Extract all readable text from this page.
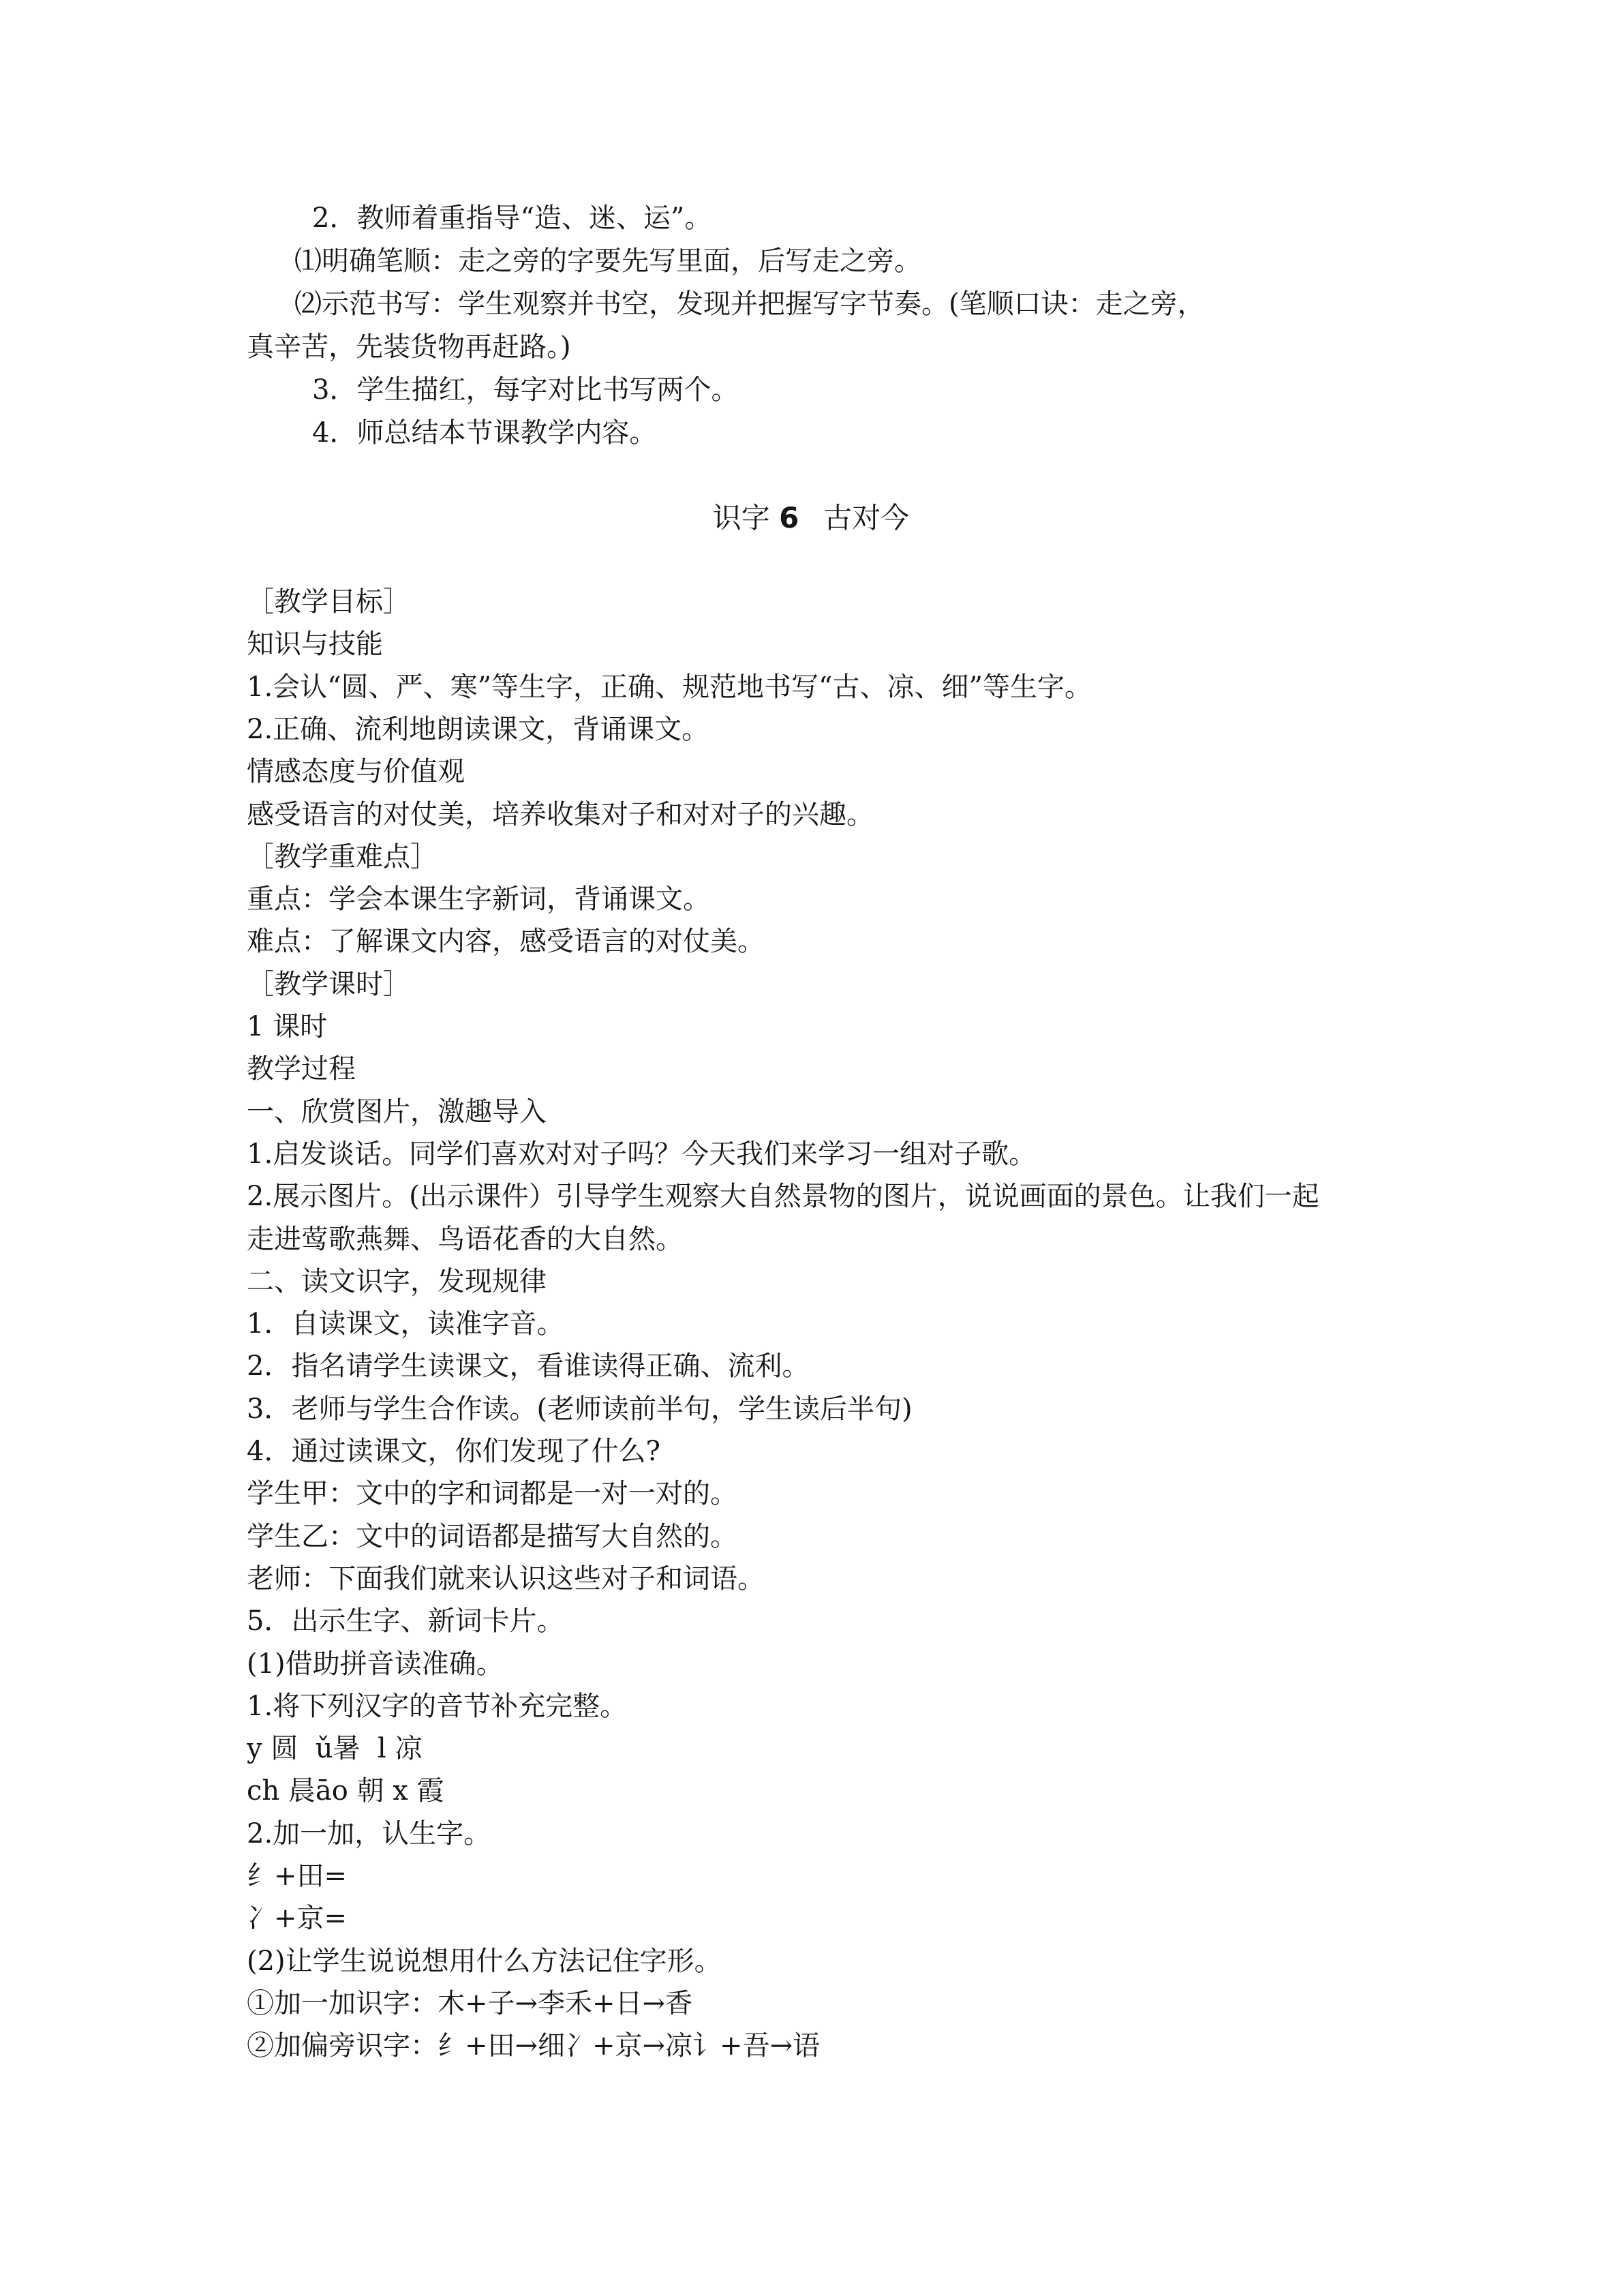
2．教师着重指导“造、迷、运”。
⑴明确笔顺：走之旁的字要先写里面，后写走之旁。
⑵示范书写：学生观察并书空，发现并把握写字节奏。(笔顺口诀：走之旁，
真辛苦，先装货物再赶路。)
3．学生描红，每字对比书写两个。
4．师总结本节课教学内容。
识字 6 古对今
［教学目标］
知识与技能
1.会认“圆、严、寒”等生字，正确、规范地书写“古、凉、细”等生字。
2.正确、流利地朗读课文，背诵课文。
情感态度与价值观
感受语言的对仗美，培养收集对子和对对子的兴趣。
［教学重难点］
重点：学会本课生字新词，背诵课文。
难点：了解课文内容，感受语言的对仗美。
［教学课时］
1 课时
教学过程
一、欣赏图片，激趣导入
1.启发谈话。同学们喜欢对对子吗？今天我们来学习一组对子歌。
2.展示图片。(出示课件）引导学生观察大自然景物的图片，说说画面的景色。让我们一起
走进莺歌燕舞、鸟语花香的大自然。
二、读文识字，发现规律
1．自读课文，读准字音。
2．指名请学生读课文，看谁读得正确、流利。
3．老师与学生合作读。(老师读前半句，学生读后半句)
4．通过读课文，你们发现了什么?
学生甲：文中的字和词都是一对一对的。
学生乙：文中的词语都是描写大自然的。
老师：下面我们就来认识这些对子和词语。
5．出示生字、新词卡片。
(1)借助拼音读准确。
1.将下列汉字的音节补充完整。
y 圆  ǔ暑  l 凉
ch 晨āo 朝 x 霞
2.加一加，认生字。
纟+田=
冫+京=
(2)让学生说说想用什么方法记住字形。
①加一加识字：木+子→李禾+日→香
②加偏旁识字：纟+田→细冫+京→凉讠+吾→语
